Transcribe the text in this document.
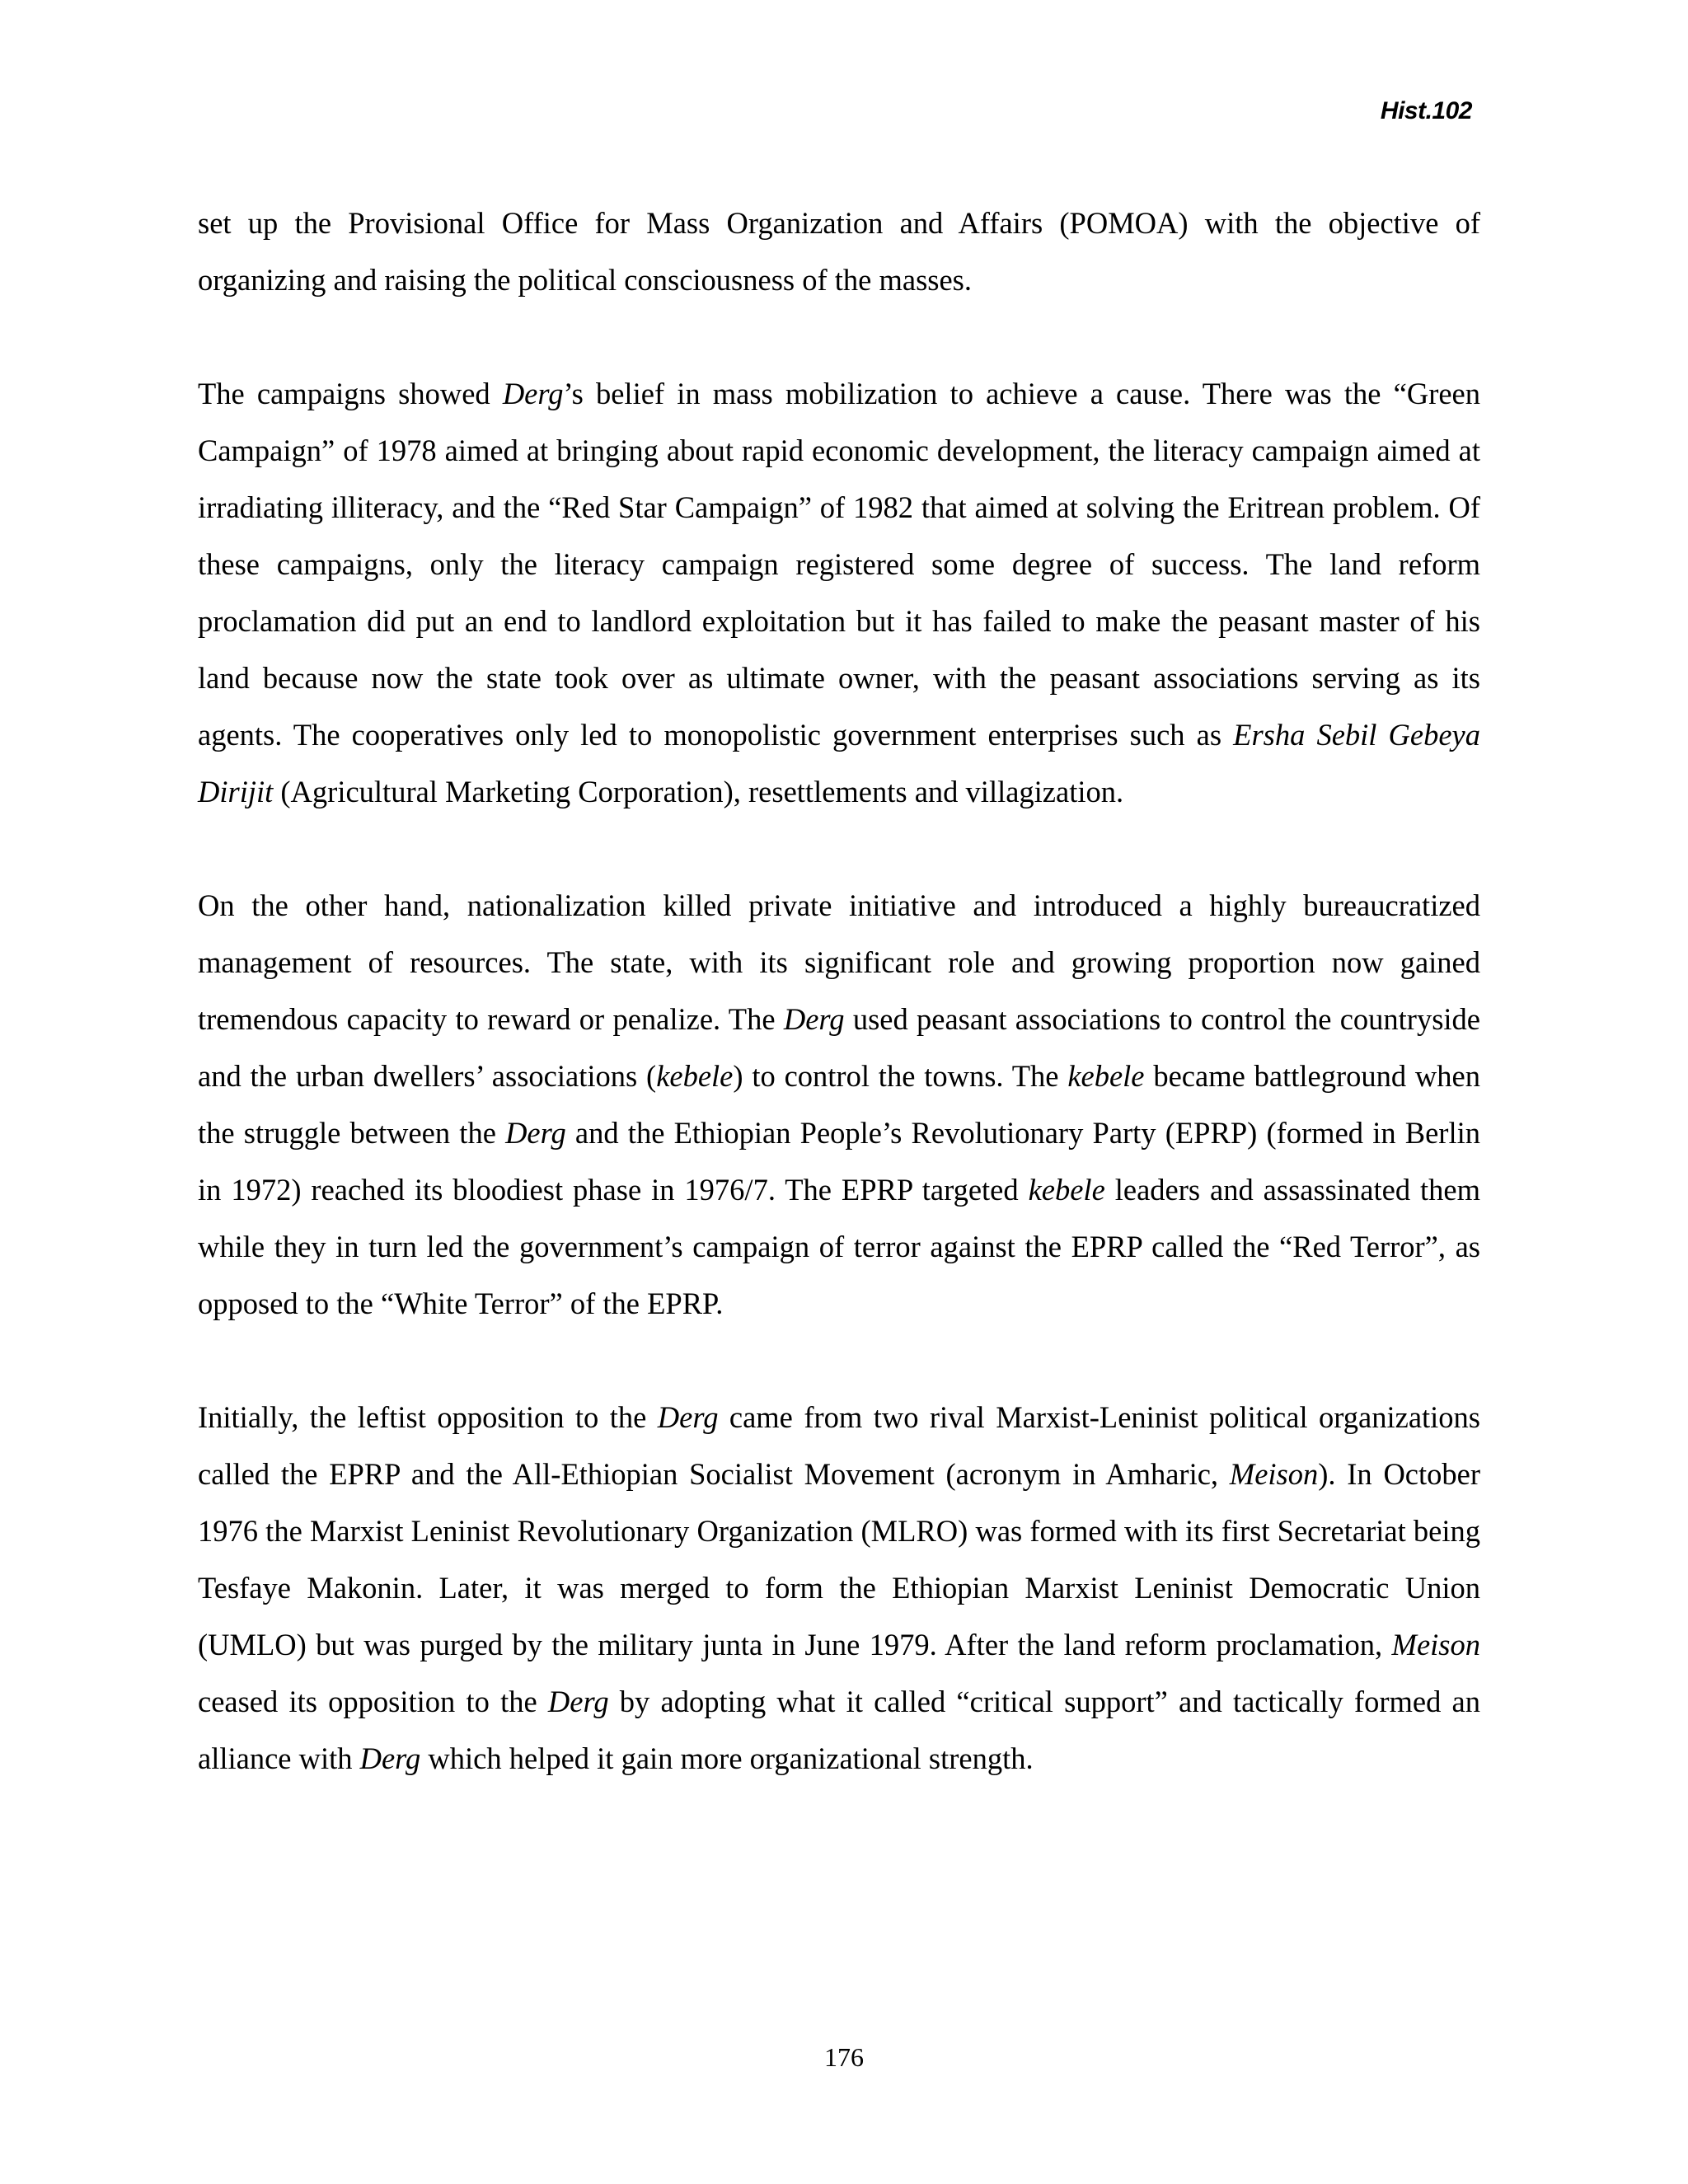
Hist.102

set up the Provisional Office for Mass Organization and Affairs (POMOA) with the objective of organizing and raising the political consciousness of the masses.

The campaigns showed Derg’s belief in mass mobilization to achieve a cause. There was the “Green Campaign” of 1978 aimed at bringing about rapid economic development, the literacy campaign aimed at irradiating illiteracy, and the “Red Star Campaign” of 1982 that aimed at solving the Eritrean problem. Of these campaigns, only the literacy campaign registered some degree of success. The land reform proclamation did put an end to landlord exploitation but it has failed to make the peasant master of his land because now the state took over as ultimate owner, with the peasant associations serving as its agents. The cooperatives only led to monopolistic government enterprises such as Ersha Sebil Gebeya Dirijit (Agricultural Marketing Corporation), resettlements and villagization.

On the other hand, nationalization killed private initiative and introduced a highly bureaucratized management of resources. The state, with its significant role and growing proportion now gained tremendous capacity to reward or penalize. The Derg used peasant associations to control the countryside and the urban dwellers’ associations (kebele) to control the towns. The kebele became battleground when the struggle between the Derg and the Ethiopian People’s Revolutionary Party (EPRP) (formed in Berlin in 1972) reached its bloodiest phase in 1976/7. The EPRP targeted kebele leaders and assassinated them while they in turn led the government’s campaign of terror against the EPRP called the “Red Terror”, as opposed to the “White Terror” of the EPRP.

Initially, the leftist opposition to the Derg came from two rival Marxist-Leninist political organizations called the EPRP and the All-Ethiopian Socialist Movement (acronym in Amharic, Meison). In October 1976 the Marxist Leninist Revolutionary Organization (MLRO) was formed with its first Secretariat being Tesfaye Makonin. Later, it was merged to form the Ethiopian Marxist Leninist Democratic Union (UMLO) but was purged by the military junta in June 1979. After the land reform proclamation, Meison ceased its opposition to the Derg by adopting what it called “critical support” and tactically formed an alliance with Derg which helped it gain more organizational strength.

176
